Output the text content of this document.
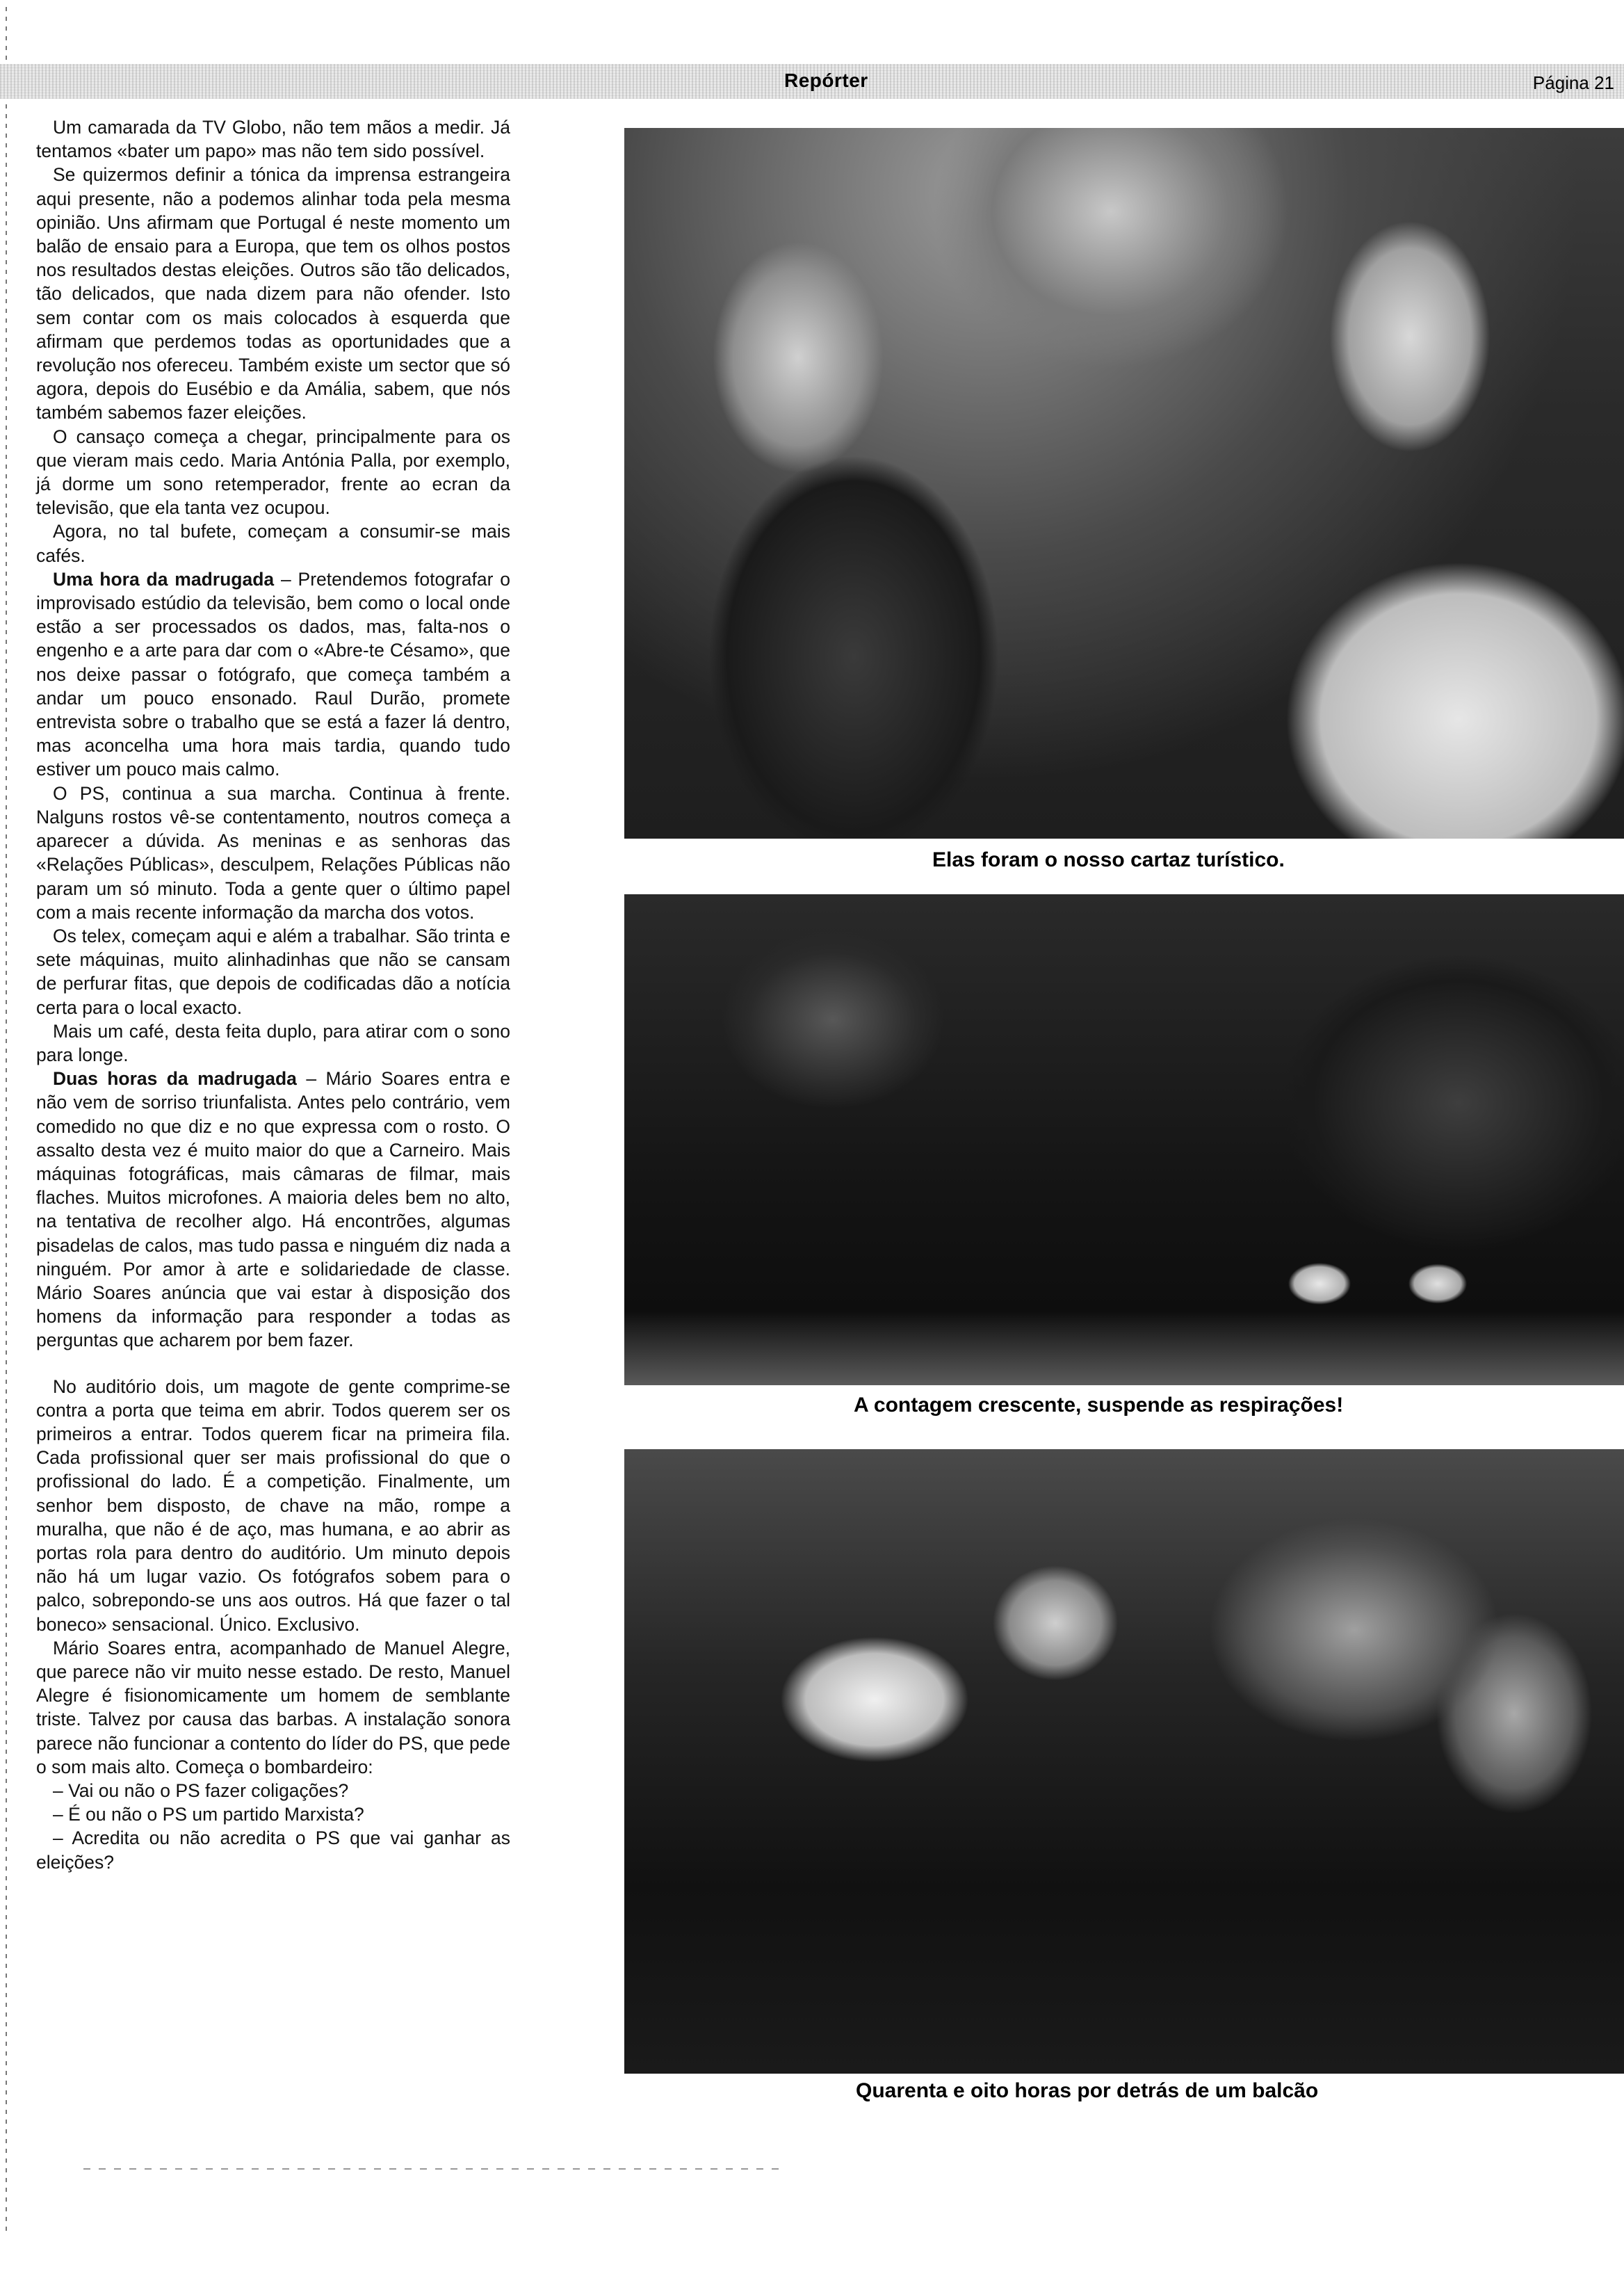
Repórter	Página 21

Um camarada da TV Globo, não tem mãos a medir. Já tentamos «bater um papo» mas não tem sido possível.

Se quizermos definir a tónica da imprensa estrangeira aqui presente, não a podemos alinhar toda pela mesma opinião. Uns afirmam que Portugal é neste momento um balão de ensaio para a Europa, que tem os olhos postos nos resultados destas eleições. Outros são tão delicados, tão delicados, que nada dizem para não ofender. Isto sem contar com os mais colocados à esquerda que afirmam que perdemos todas as oportunidades que a revolução nos ofereceu. Também existe um sector que só agora, depois do Eusébio e da Amália, sabem, que nós também sabemos fazer eleições.

O cansaço começa a chegar, principalmente para os que vieram mais cedo. Maria Antónia Palla, por exemplo, já dorme um sono retemperador, frente ao ecran da televisão, que ela tanta vez ocupou.

Agora, no tal bufete, começam a consumir-se mais cafés.

Uma hora da madrugada – Pretendemos fotografar o improvisado estúdio da televisão, bem como o local onde estão a ser processados os dados, mas, falta-nos o engenho e a arte para dar com o «Abre-te Césamo», que nos deixe passar o fotógrafo, que começa também a andar um pouco ensonado. Raul Durão, promete entrevista sobre o trabalho que se está a fazer lá dentro, mas aconcelha uma hora mais tardia, quando tudo estiver um pouco mais calmo.

O PS, continua a sua marcha. Continua à frente. Nalguns rostos vê-se contentamento, noutros começa a aparecer a dúvida. As meninas e as senhoras das «Relações Públicas», desculpem, Relações Públicas não param um só minuto. Toda a gente quer o último papel com a mais recente informação da marcha dos votos.

Os telex, começam aqui e além a trabalhar. São trinta e sete máquinas, muito alinhadinhas que não se cansam de perfurar fitas, que depois de codificadas dão a notícia certa para o local exacto.

Mais um café, desta feita duplo, para atirar com o sono para longe.

Duas horas da madrugada – Mário Soares entra e não vem de sorriso triunfalista. Antes pelo contrário, vem comedido no que diz e no que expressa com o rosto. O assalto desta vez é muito maior do que a Carneiro. Mais máquinas fotográficas, mais câmaras de filmar, mais flaches. Muitos microfones. A maioria deles bem no alto, na tentativa de recolher algo. Há encontrões, algumas pisadelas de calos, mas tudo passa e ninguém diz nada a ninguém. Por amor à arte e solidariedade de classe. Mário Soares anúncia que vai estar à disposição dos homens da informação para responder a todas as perguntas que acharem por bem fazer.

No auditório dois, um magote de gente comprime-se contra a porta que teima em abrir. Todos querem ser os primeiros a entrar. Todos querem ficar na primeira fila. Cada profissional quer ser mais profissional do que o profissional do lado. É a competição. Finalmente, um senhor bem disposto, de chave na mão, rompe a muralha, que não é de aço, mas humana, e ao abrir as portas rola para dentro do auditório. Um minuto depois não há um lugar vazio. Os fotógrafos sobem para o palco, sobrepondo-se uns aos outros. Há que fazer o tal boneco» sensacional. Único. Exclusivo.

Mário Soares entra, acompanhado de Manuel Alegre, que parece não vir muito nesse estado. De resto, Manuel Alegre é fisionomicamente um homem de semblante triste. Talvez por causa das barbas. A instalação sonora parece não funcionar a contento do líder do PS, que pede o som mais alto. Começa o bombardeiro:

– Vai ou não o PS fazer coligações?

– É ou não o PS um partido Marxista?

– Acredita ou não acredita o PS que vai ganhar as eleições?

Elas foram o nosso cartaz turístico.
A contagem crescente, suspende as respirações!
Quarenta e oito horas por detrás de um balcão
